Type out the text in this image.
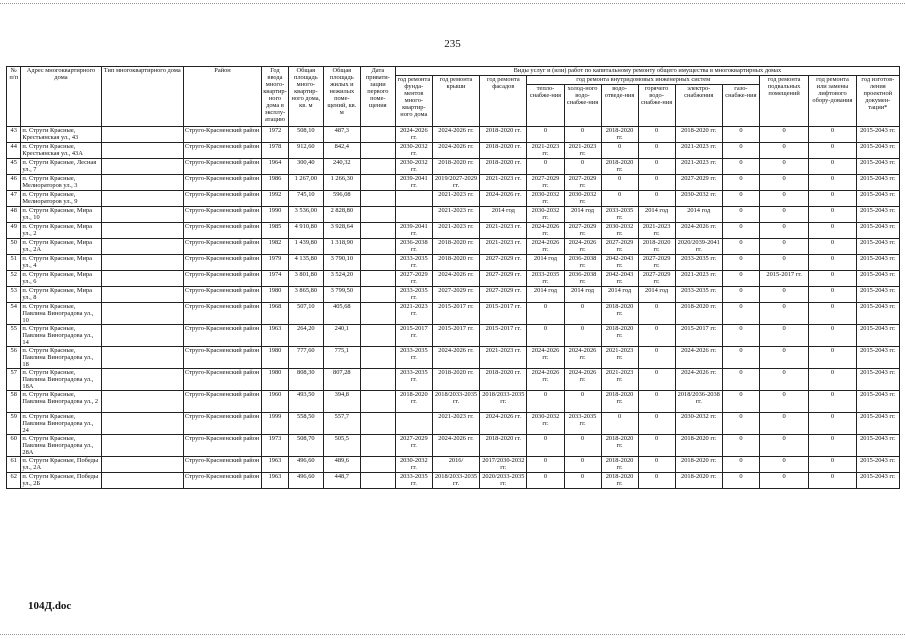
235
№ п/п	Адрес многоквартирного дома	Тип многоквартирного дома	Район	Год ввода много-квартир-ного дома в эксплу-атацию	Общая площадь много-квартир-ного дома, кв. м	Общая площадь жилых и нежилых поме-щений, кв. м	Дата привати-зации первого поме-щения	Виды услуг и (или) работ по капитальному ремонту общего имущества в многоквартирных домах											
								год ремонта фунда-ментов много-квартир-ного дома	год ремонта крыши	год ремонта фасадов	год ремонта внутридомовых инженерных систем						год ремонта подвальных помещений	год ремонта или замены лифтового обору-дования	год изготов-ления проектной докумен-тации*
											тепло-снабже-ния	холод-ного водо-снабже-ния	водо-отведе-ния	горячего водо-снабже-ния	электро-снабжения	газо-снабже-ния			
43	п. Струги Красные, Крестьянская ул., 43		Струго-Красненский район	1972	508,10	487,3		2024-2026 гг.	2024-2026 гг.	2018-2020 гг.	0	0	2018-2020 гг.	0	2018-2020 гг.	0	0	0	2015-2043 гг.
44	п. Струги Красные, Крестьянская ул., 43А		Струго-Красненский район	1978	912,60	842,4		2030-2032 гг.	2024-2026 гг.	2018-2020 гг.	2021-2023 гг.	2021-2023 гг.	0	0	2021-2023 гг.	0	0	0	2015-2043 гг.
45	п. Струги Красные, Лесная ул., 7		Струго-Красненский район	1964	300,40	240,32		2030-2032 гг.	2018-2020 гг.	2018-2020 гг.	0	0	2018-2020 гг.	0	2021-2023 гг.	0	0	0	2015-2043 гг.
46	п. Струги Красные, Мелиораторов ул., 3		Струго-Красненский район	1986	1 267,00	1 266,30		2039-2041 гг.	2019/2027-2029 гг.	2021-2023 гг.	2027-2029 гг.	2027-2029 гг.	0	0	2027-2029 гг.	0	0	0	2015-2043 гг.
47	п. Струги Красные, Мелиораторов ул., 9		Струго-Красненский район	1992	745,10	596,08			2021-2023 гг.	2024-2026 гг.	2030-2032 гг.	2030-2032 гг.	0	0	2030-2032 гг.	0	0	0	2015-2043 гг.
48	п. Струги Красные, Мира ул., 10		Струго-Красненский район	1990	3 536,00	2 828,80			2021-2023 гг.	2014 год	2030-2032 гг.	2014 год	2033-2035 гг.	2014 год	2014 год	0	0	0	2015-2043 гг.
49	п. Струги Красные, Мира ул., 2		Струго-Красненский район	1985	4 910,80	3 928,64		2039-2041 гг.	2021-2023 гг.	2021-2023 гг.	2024-2026 гг.	2027-2029 гг.	2030-2032 гг.	2021-2023 гг.	2024-2026 гг.	0	0	0	2015-2043 гг.
50	п. Струги Красные, Мира ул., 2А		Струго-Красненский район	1982	1 439,80	1 318,90		2036-2038 гг.	2018-2020 гг.	2021-2023 гг.	2024-2026 гг.	2024-2026 гг.	2027-2029 гг.	2018-2020 гг.	2020/2039-2041 гг.	0	0	0	2015-2043 гг.
51	п. Струги Красные, Мира ул., 4		Струго-Красненский район	1979	4 135,80	3 790,10		2033-2035 гг.	2018-2020 гг.	2027-2029 гг.	2014 год	2036-2038 гг.	2042-2043 гг.	2027-2029 гг.	2033-2035 гг.	0	0	0	2015-2043 гг.
52	п. Струги Красные, Мира ул., 6		Струго-Красненский район	1974	3 801,80	3 524,20		2027-2029 гг.	2024-2026 гг.	2027-2029 гг.	2033-2035 гг.	2036-2038 гг.	2042-2043 гг.	2027-2029 гг.	2021-2023 гг.	0	2015-2017 гг.	0	2015-2043 гг.
53	п. Струги Красные, Мира ул., 8		Струго-Красненский район	1980	3 865,80	3 799,50		2033-2035 гг.	2027-2029 гг.	2027-2029 гг.	2014 год	2014 год	2014 год	2014 год	2033-2035 гг.	0	0	0	2015-2043 гг.
54	п. Струги Красные, Павлина Виноградова ул., 10		Струго-Красненский район	1968	507,10	405,68		2021-2023 гг.	2015-2017 гг.	2015-2017 гг.	0	0	2018-2020 гг.	0	2018-2020 гг.	0	0	0	2015-2043 гг.
55	п. Струги Красные, Павлина Виноградова ул., 14		Струго-Красненский район	1963	264,20	240,1		2015-2017 гг.	2015-2017 гг.	2015-2017 гг.	0	0	2018-2020 гг.	0	2015-2017 гг.	0	0	0	2015-2043 гг.
56	п. Струги Красные, Павлина Виноградова ул., 18		Струго-Красненский район	1980	777,60	775,1		2033-2035 гг.	2024-2026 гг.	2021-2023 гг.	2024-2026 гг.	2024-2026 гг.	2021-2023 гг.	0	2024-2026 гг.	0	0	0	2015-2043 гг.
57	п. Струги Красные, Павлина Виноградова ул., 18А		Струго-Красненский район	1980	808,30	807,28		2033-2035 гг.	2018-2020 гг.	2018-2020 гг.	2024-2026 гг.	2024-2026 гг.	2021-2023 гг.	0	2024-2026 гг.	0	0	0	2015-2043 гг.
58	п. Струги Красные, Павлина Виноградова ул., 2		Струго-Красненский район	1960	493,50	394,8		2018-2020 гг.	2018/2033-2035 гг.	2018/2033-2035 гг.	0	0	2018-2020 гг.	0	2018/2036-2038 гг.	0	0	0	2015-2043 гг.
59	п. Струги Красные, Павлина Виноградова ул., 24		Струго-Красненский район	1999	558,50	557,7			2021-2023 гг.	2024-2026 гг.	2030-2032 гг.	2033-2035 гг.	0	0	2030-2032 гг.	0	0	0	2015-2043 гг.
60	п. Струги Красные, Павлина Виноградова ул., 28А		Струго-Красненский район	1973	508,70	505,5		2027-2029 гг.	2024-2026 гг.	2018-2020 гг.	0	0	2018-2020 гг.	0	2018-2020 гг.	0	0	0	2015-2043 гг.
61	п. Струги Красные, Победы ул., 2А		Струго-Красненский район	1963	496,60	489,6		2030-2032 гг.	2016/	2017/2030-2032 гг.	0	0	2018-2020 гг.	0	2018-2020 гг.	0	0	0	2015-2043 гг.
62	п. Струги Красные, Победы ул., 2Б		Струго-Красненский район	1963	496,60	448,7		2033-2035 гг.	2018/2033-2035 гг.	2020/2033-2035 гг.	0	0	2018-2020 гг.	0	2018-2020 гг.	0	0	0	2015-2043 гг.
104Д.doc
